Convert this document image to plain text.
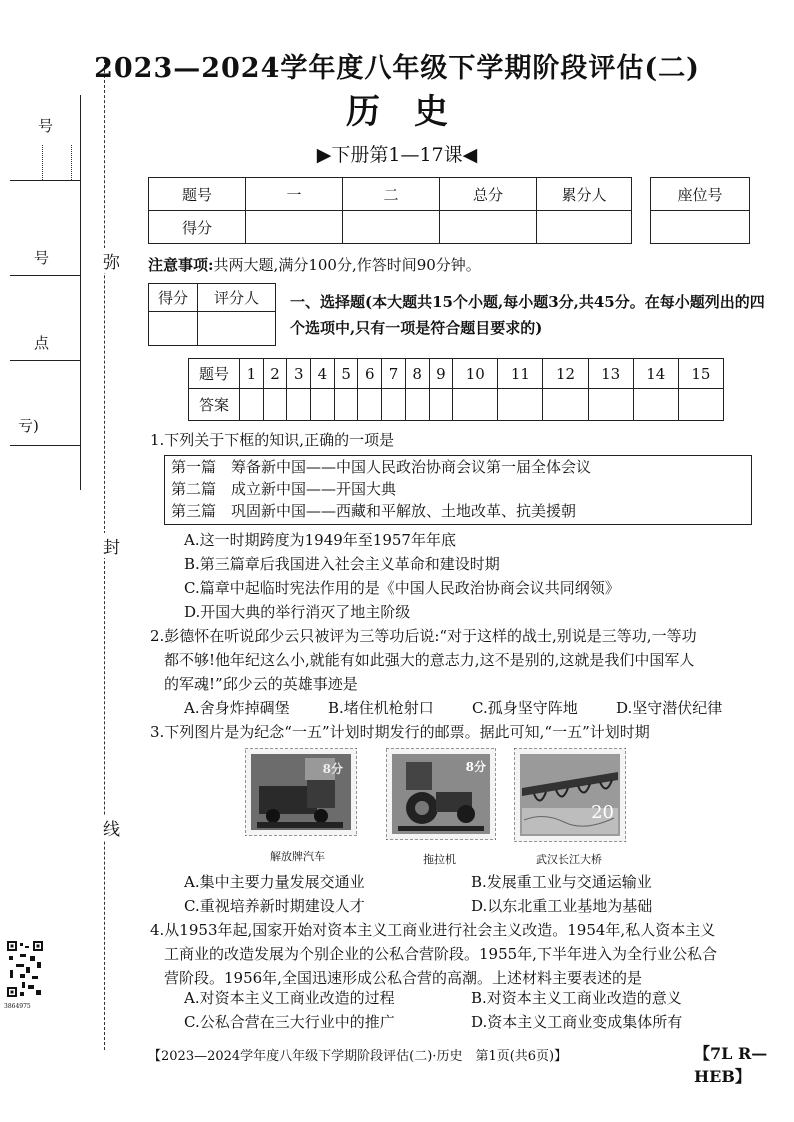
号
号
点
亏)
弥
封
线
3864975
2023—2024学年度八年级下学期阶段评估(二)
历史
▶下册第1—17课◀
题号	一	二	总分	累分人
得分				
座位号

注意事项:共两大题,满分100分,作答时间90分钟。
得分	评分人
	一、选择题(本大题共15个小题,每小题3分,共45分。在每小题列出的四个选项中,只有一项是符合题目要求的)
题号	1	2	3	4	5	6	7	8	9	10	11	12	13	14	15
答案															
1.下列关于下框的知识,正确的一项是
第一篇　筹备新中国——中国人民政治协商会议第一届全体会议
第二篇　成立新中国——开国大典
第三篇　巩固新中国——西藏和平解放、土地改革、抗美援朝
A.这一时期跨度为1949年至1957年年底
B.第三篇章后我国进入社会主义革命和建设时期
C.篇章中起临时宪法作用的是《中国人民政治协商会议共同纲领》
D.开国大典的举行消灭了地主阶级
2.彭德怀在听说邱少云只被评为三等功后说:“对于这样的战士,别说是三等功,一等功
都不够!他年纪这么小,就能有如此强大的意志力,这不是别的,这就是我们中国军人
的军魂!”邱少云的英雄事迹是
A.舍身炸掉碉堡	B.堵住机枪射口	C.孤身坚守阵地	D.坚守潜伏纪律
3.下列图片是为纪念“一五”计划时期发行的邮票。据此可知,“一五”计划时期
8分
解放牌汽车
8分
拖拉机
20
武汉长江大桥
A.集中主要力量发展交通业	B.发展重工业与交通运输业
C.重视培养新时期建设人才	D.以东北重工业基地为基础
4.从1953年起,国家开始对资本主义工商业进行社会主义改造。1954年,私人资本主义
工商业的改造发展为个别企业的公私合营阶段。1955年,下半年进入为全行业公私合
营阶段。1956年,全国迅速形成公私合营的高潮。上述材料主要表述的是
A.对资本主义工商业改造的过程	B.对资本主义工商业改造的意义
C.公私合营在三大行业中的推广	D.资本主义工商业变成集体所有
【2023—2024学年度八年级下学期阶段评估(二)·历史　第1页(共6页)】	【7L R—HEB】
